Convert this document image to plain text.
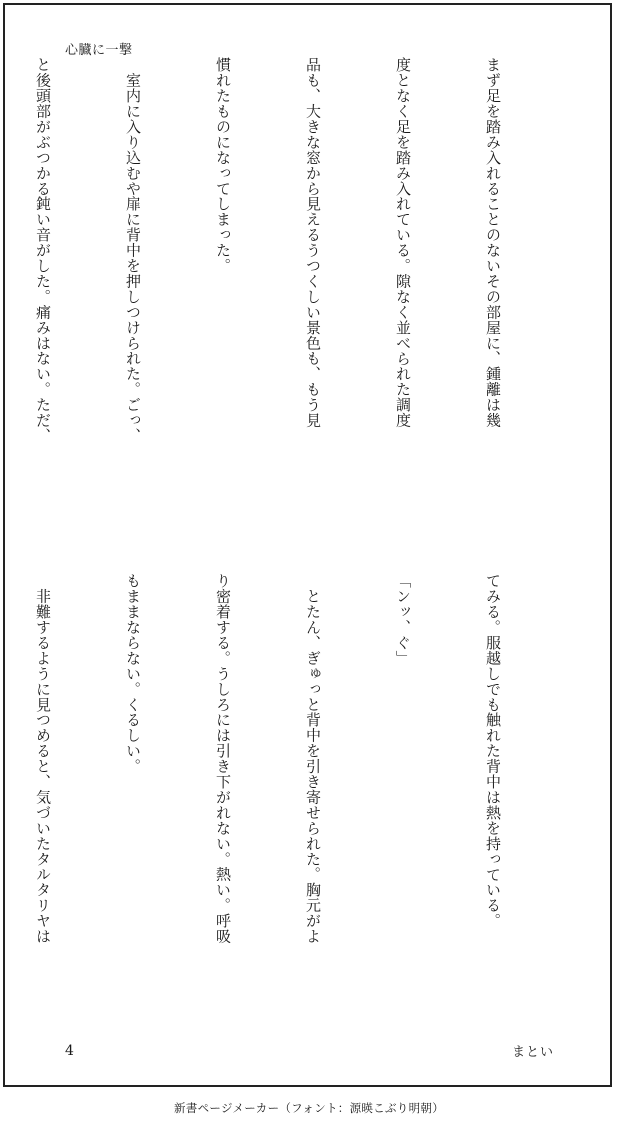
心臓に一撃

まず足を踏み入れることのないその部屋に、鍾離は幾

度となく足を踏み入れている。隙なく並べられた調度

品も、大きな窓から見えるうつくしい景色も、もう見

慣れたものになってしまった。

　室内に入り込むや扉に背中を押しつけられた。ごっ、

と後頭部がぶつかる鈍い音がした。痛みはない。ただ、

てみる。服越しでも触れた背中は熱を持っている。

「ンッ、ぐ」

　とたん、ぎゅっと背中を引き寄せられた。胸元がよ

り密着する。うしろには引き下がれない。熱い。呼吸

もままならない。くるしい。

　非難するように見つめると、気づいたタルタリヤは

4	まとい
新書ページメーカー（フォント：源暎こぶり明朝）
